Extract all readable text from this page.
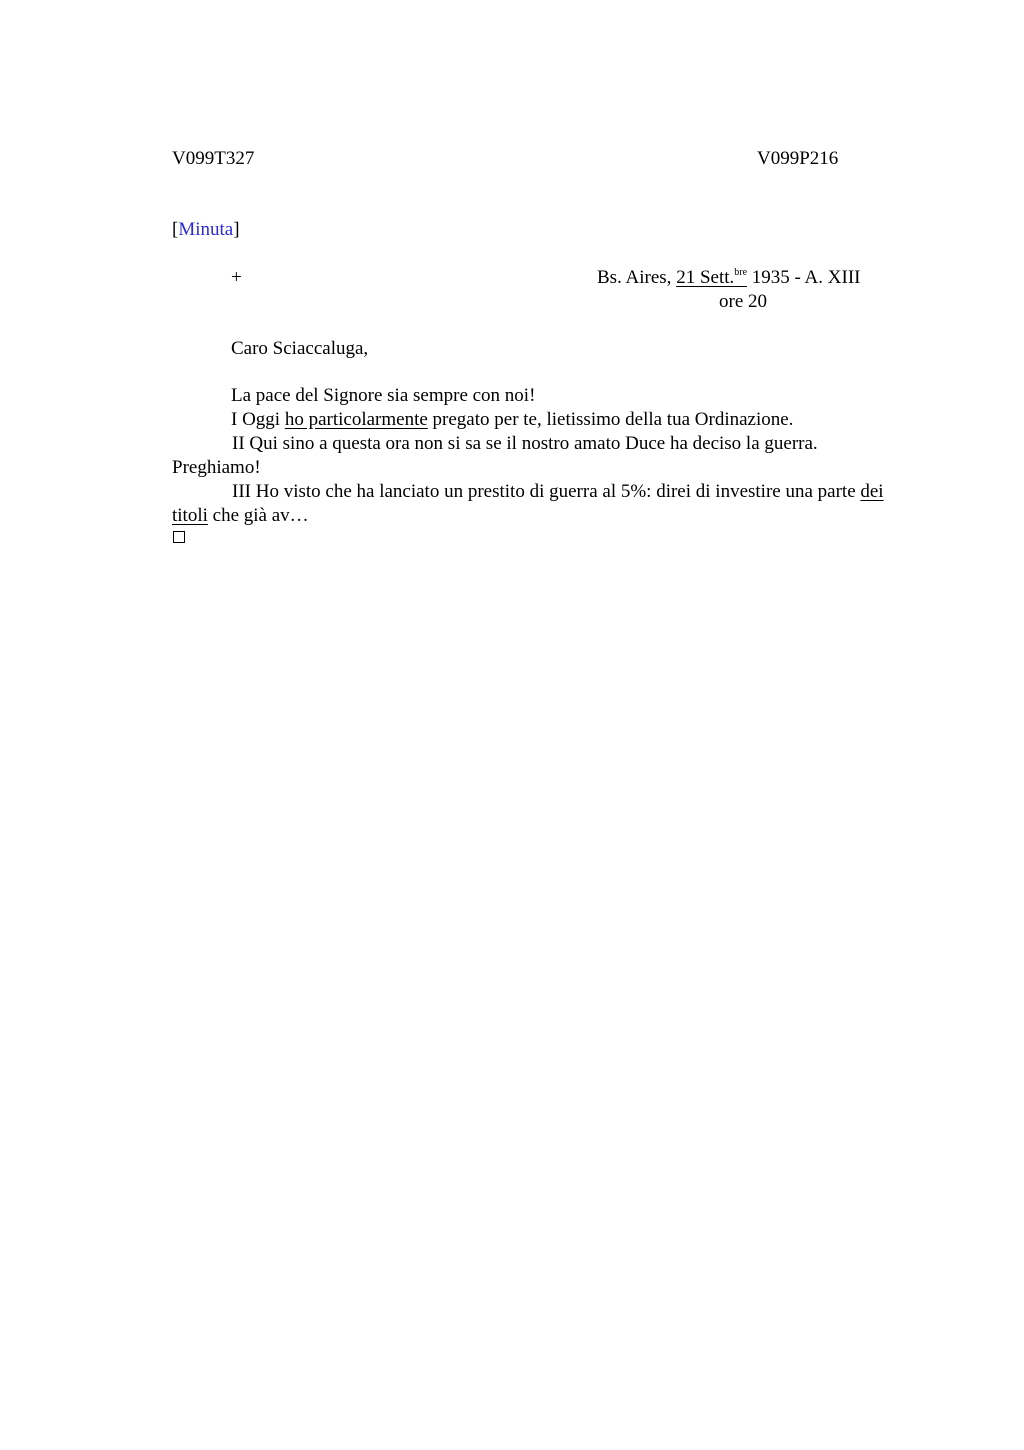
V099T327	V099P216
[Minuta]
+	Bs. Aires, 21 Sett.$^{bre}$ 1935 - A. XIII
ore 20
Caro Sciaccaluga,
La pace del Signore sia sempre con noi!
I Oggi ho particolarmente pregato per te, lietissimo della tua Ordinazione.
II Qui sino a questa ora non si sa se il nostro amato Duce ha deciso la guerra. Preghiamo!
III Ho visto che ha lanciato un prestito di guerra al 5%: direi di investire una parte dei titoli che già av…
